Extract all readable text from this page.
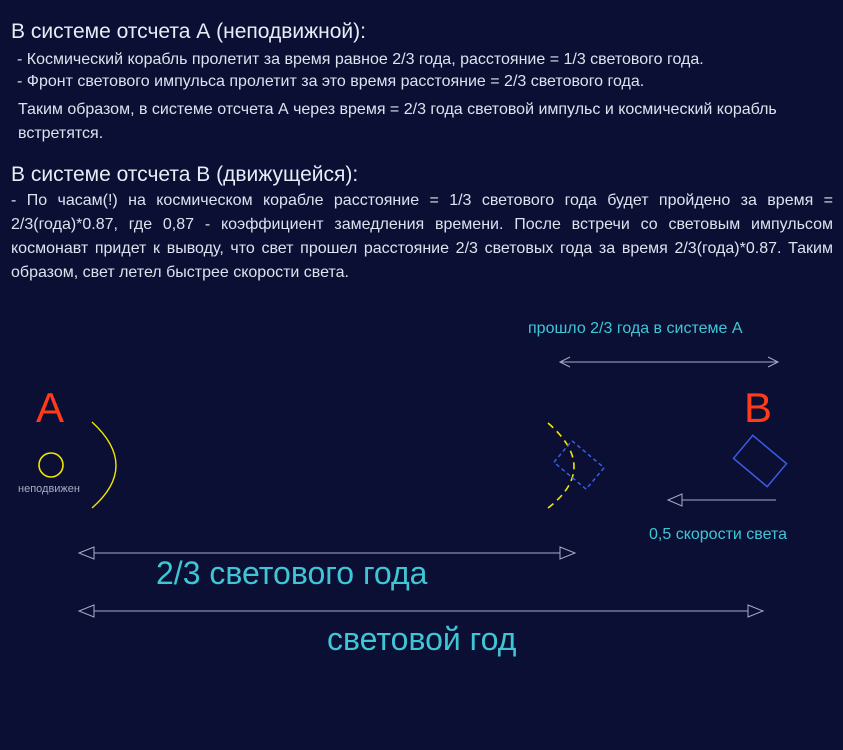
В системе отсчета А (неподвижной):
- Космический корабль пролетит за время равное 2/3 года, расстояние = 1/3 светового года.
- Фронт светового импульса пролетит за это время расстояние = 2/3 светового года.
Таким образом, в системе отсчета А через время = 2/3 года световой импульс и космический корабль встретятся.
В системе отсчета В (движущейся):
- По часам(!) на космическом корабле расстояние = 1/3 светового года будет пройдено за время = 2/3(года)*0.87, где 0,87 - коэффициент замедления времени. После встречи со световым импульсом космонавт придет к выводу, что свет прошел расстояние 2/3 световых года за время 2/3(года)*0.87. Таким образом, свет летел быстрее скорости света.
A	B
неподвижен
прошло 2/3 года в системе А
0,5 скорости света
2/3 светового года
световой год
